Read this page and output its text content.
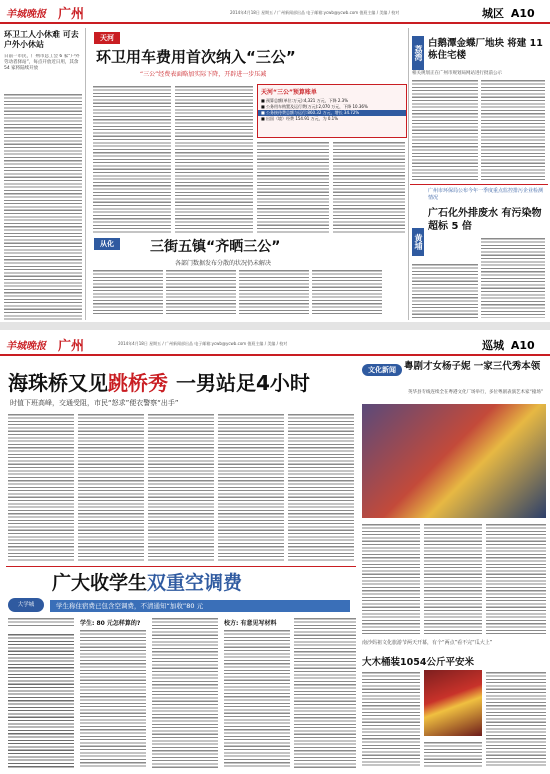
羊城晚报 广州	2014年4月18日 星期五 / 广州新闻部出品 电子邮箱:ycwb@ycwb.com 值班主编 / 美编 / 校对	城区 A10
环卫工人小休难 可去户外小休站
日前一市民，广州市总工会 6 家“户外劳动者驿站”，每点开放近日用，其余 54 家将陆续开放
天河
环卫用车费用首次纳入“三公”
“三公”经费表面略加实际下降，开辟进一步压减
天河“三公”预算账单
■ 预算总额(单位:万元):4,321 万元，下降 2.3%
■ 公务用车购置及运行费(万元):2,070 万元，下降 10.36%
■ 公务接待费总额与运行:860.32 万元，增长 34.72%
■ 出国（境）经费 154.91 万元，为 0.1%
从化	三街五镇“齐晒三公”
各部门数据发布分散的状况仍未解决
荔湾
白鹅潭金蝶厂地块 将建 11 栋住宅楼
相关规划正在广州市规划局网站进行批前公示
黄埔
广州市环保局公布今年一季度重点监控排污企业检测情况
广石化外排废水 有污染物超标 5 倍
羊城晚报 广州	2014年4月18日 星期五 / 广州新闻部出品 电子邮箱:ycwb@ycwb.com 值班主编 / 美编 / 校对	巡城 A10
海珠桥又见跳桥秀 一男站足4小时
时值下班高峰，交通受阻，市民“怒求”便衣警察“出手”
文化新闻 粤剧才女杨子妮 一家三代秀本领
英华县专线连续全在粤港文化厂场举行，多位粤剧表演艺术家“撞场”
广大收学生双重空调费
大学城	学生称住宿费已包含空调费，不清通知“加收”80 元
学生: 80 元怎样算的?	校方: 有意见写材料
南沙妈祖文化旅游节两天开幕，有个“两点”看不完“瓜大上”
大木桶装1054公斤平安米
